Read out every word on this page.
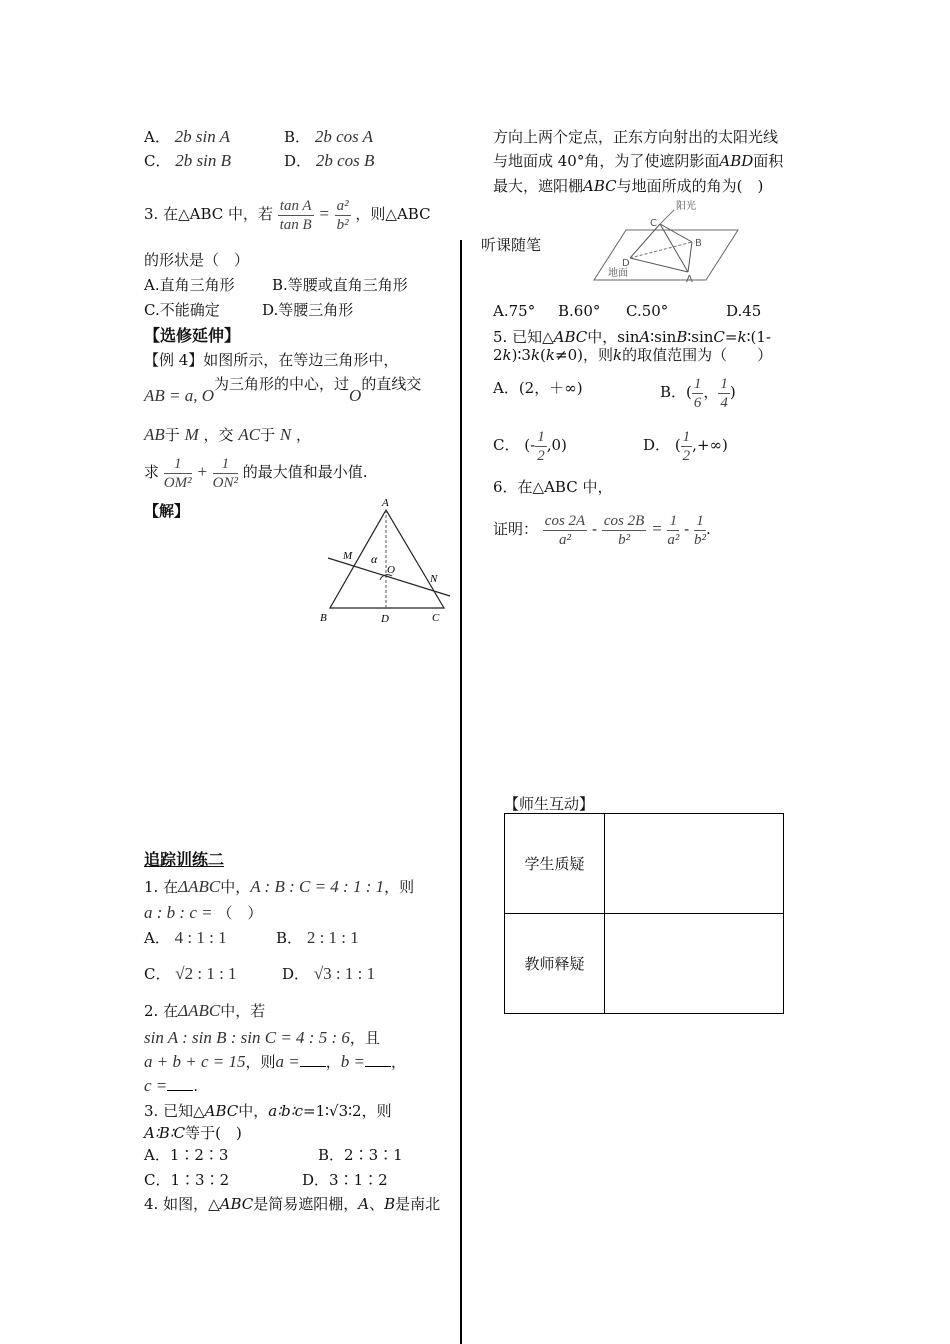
A． 2b sin A	B． 2b cos A
C． 2b sin B	D． 2b cos B
3. 在△ABC 中，若 $\frac{\text{tan A}}{\text{tan B}} = \frac{\text{a²}}{\text{b²}}$ ，则△ABC
的形状是（　）
A.直角三角形 B.等腰或直角三角形
C.不能确定	D.等腰三角形
【选修延伸】
【例 4】如图所示，在等边三角形中，
AB = a, O为三角形的中心，过O的直线交
AB于 M ，交 AC于 N ，
求 $\frac{1}{\text{OM²}} + \frac{1}{\text{ON²}}$ 的最大值和最小值.
【解】	A
B	C
D
M
N
O
α
追踪训练二
1. 在ΔABC中，A : B : C = 4 : 1 : 1，则
a : b : c = （　）
A． 4 : 1 : 1	B． 2 : 1 : 1
C． √2 : 1 : 1	D． √3 : 1 : 1
2. 在ΔABC中，若
sin A : sin B : sin C = 4 : 5 : 6，且
a + b + c = 15，则a = ，b = ，
c = .
3. 已知△ABC中，a∶b∶c=1∶√3∶2，则
A∶B∶C等于(　)
A．1∶2∶3	B．2∶3∶1
C．1∶3∶2	D．3∶1∶2
4. 如图，△ABC是简易遮阳棚，A、B是南北
方向上两个定点，正东方向射出的太阳光线
与地面成 40°角，为了使遮阴影面ABD面积
最大，遮阳棚ABC与地面所成的角为(　)
听课随笔
阳光
地面
C
B
D
A
A.75° B.60° C.50°	D.45
5. 已知△ABC中，sinA∶sinB∶sinC=k∶(1-
2k)∶3k(k≠0)，则k的取值范围为（　　）
A．(2，＋∞)	B．( $\frac{1}{6}$ ， $\frac{1}{4}$ )
C． (- $\frac{1}{2} ,0$)	D． ( $\frac{1}{2}$ ,+∞)
6．在△ABC 中，
证明： $\frac{\cos 2A}{\text{a²}} - \frac{\cos 2B}{\text{b²}} = \frac{1}{\text{a²}} - \frac{1}{\text{b²}}$ .
【师生互动】
学生质疑	
教师释疑	
